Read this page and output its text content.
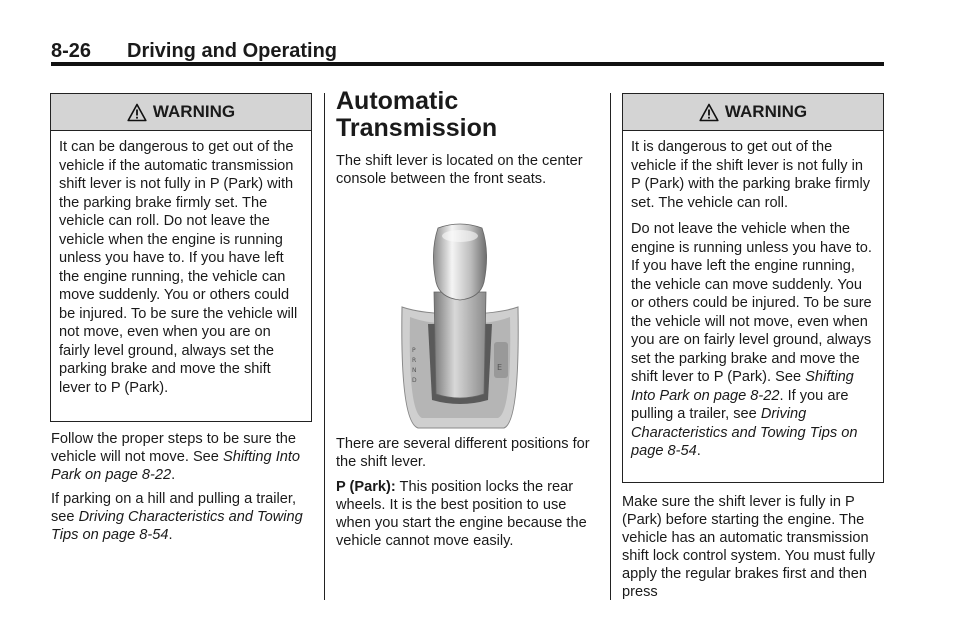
8-26 Driving and Operating
WARNING

It can be dangerous to get out of the vehicle if the automatic transmission shift lever is not fully in P (Park) with the parking brake firmly set. The vehicle can roll. Do not leave the vehicle when the engine is running unless you have to. If you have left the engine running, the vehicle can move suddenly. You or others could be injured. To be sure the vehicle will not move, even when you are on fairly level ground, always set the parking brake and move the shift lever to P (Park).

Follow the proper steps to be sure the vehicle will not move. See Shifting Into Park on page 8-22.

If parking on a hill and pulling a trailer, see Driving Characteristics and Towing Tips on page 8-54.

Automatic
Transmission

The shift lever is located on the center console between the front seats.

E
P
R
N
D

There are several different positions for the shift lever.

P (Park): This position locks the rear wheels. It is the best position to use when you start the engine because the vehicle cannot move easily.

WARNING

It is dangerous to get out of the vehicle if the shift lever is not fully in P (Park) with the parking brake firmly set. The vehicle can roll.

Do not leave the vehicle when the engine is running unless you have to. If you have left the engine running, the vehicle can move suddenly. You or others could be injured. To be sure the vehicle will not move, even when you are on fairly level ground, always set the parking brake and move the shift lever to P (Park). See Shifting Into Park on page 8-22. If you are pulling a trailer, see Driving Characteristics and Towing Tips on page 8-54.

Make sure the shift lever is fully in P (Park) before starting the engine. The vehicle has an automatic transmission shift lock control system. You must fully apply the regular brakes first and then press
